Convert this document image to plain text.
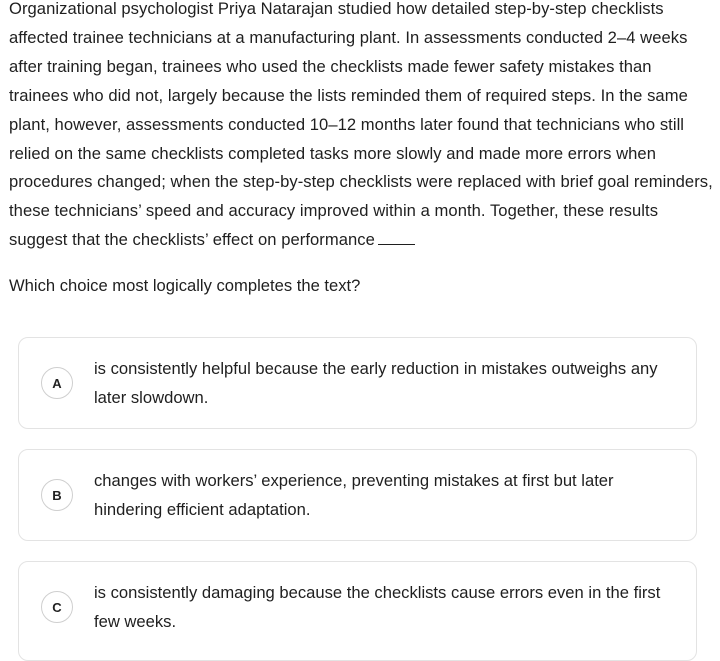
Organizational psychologist Priya Natarajan studied how detailed step-by-step checklists affected trainee technicians at a manufacturing plant. In assessments conducted 2–4 weeks after training began, trainees who used the checklists made fewer safety mistakes than trainees who did not, largely because the lists reminded them of required steps. In the same plant, however, assessments conducted 10–12 months later found that technicians who still relied on the same checklists completed tasks more slowly and made more errors when procedures changed; when the step-by-step checklists were replaced with brief goal reminders, these technicians’ speed and accuracy improved within a month. Together, these results suggest that the checklists’ effect on performance

Which choice most logically completes the text?

A
is consistently helpful because the early reduction in mistakes outweighs any later slowdown.
B
changes with workers’ experience, preventing mistakes at first but later hindering efficient adaptation.
C
is consistently damaging because the checklists cause errors even in the first few weeks.
